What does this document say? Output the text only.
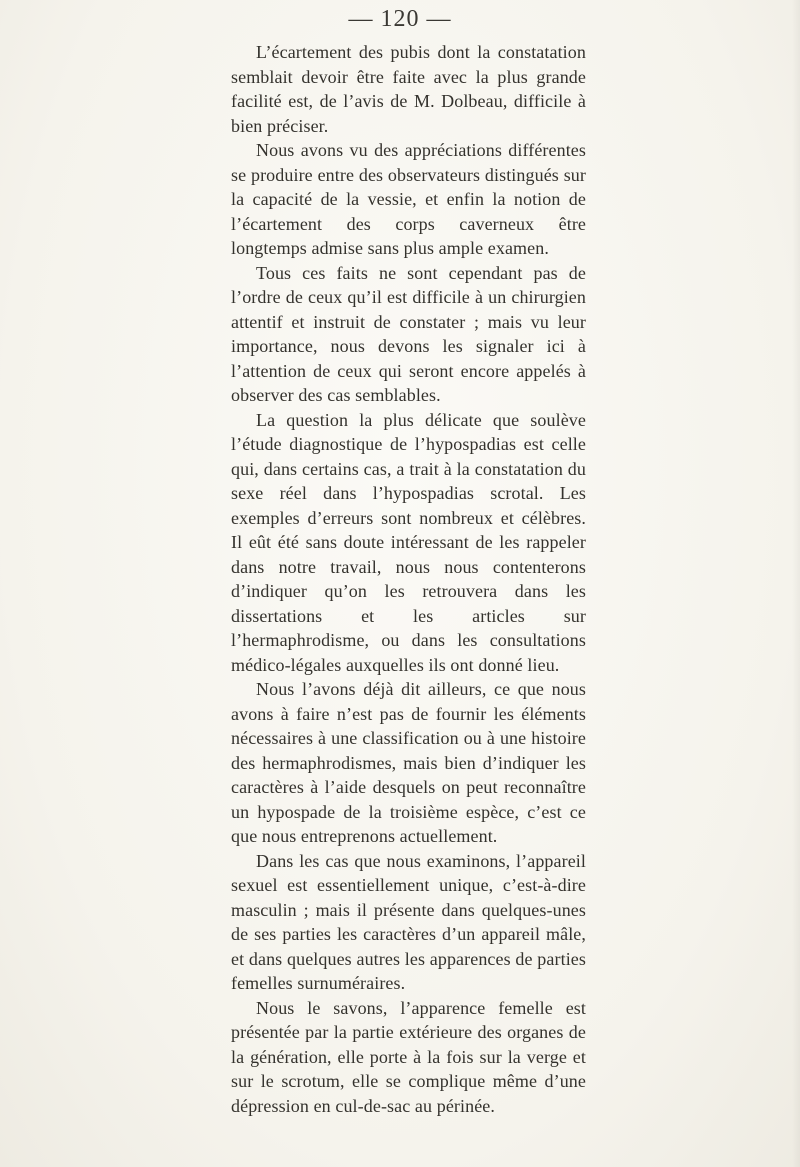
— 120 —

L’écartement des pubis dont la constatation semblait devoir être faite avec la plus grande facilité est, de l’avis de M. Dolbeau, difficile à bien préciser.

Nous avons vu des appréciations différentes se produire entre des observateurs distingués sur la capacité de la vessie, et enfin la notion de l’écartement des corps caverneux être longtemps admise sans plus ample examen.

Tous ces faits ne sont cependant pas de l’ordre de ceux qu’il est difficile à un chirurgien attentif et instruit de constater ; mais vu leur importance, nous devons les signaler ici à l’attention de ceux qui seront encore appelés à observer des cas semblables.

La question la plus délicate que soulève l’étude diagnostique de l’hypospadias est celle qui, dans certains cas, a trait à la constatation du sexe réel dans l’hypospadias scrotal. Les exemples d’erreurs sont nombreux et célèbres. Il eût été sans doute intéressant de les rappeler dans notre travail, nous nous contenterons d’indiquer qu’on les retrouvera dans les dissertations et les articles sur l’hermaphrodisme, ou dans les consultations médico-légales auxquelles ils ont donné lieu.

Nous l’avons déjà dit ailleurs, ce que nous avons à faire n’est pas de fournir les éléments nécessaires à une classification ou à une histoire des hermaphrodismes, mais bien d’indiquer les caractères à l’aide desquels on peut reconnaître un hypospade de la troisième espèce, c’est ce que nous entreprenons actuellement.

Dans les cas que nous examinons, l’appareil sexuel est essentiellement unique, c’est-à-dire masculin ; mais il présente dans quelques-unes de ses parties les caractères d’un appareil mâle, et dans quelques autres les apparences de parties femelles surnuméraires.

Nous le savons, l’apparence femelle est présentée par la partie extérieure des organes de la génération, elle porte à la fois sur la verge et sur le scrotum, elle se complique même d’une dépression en cul-de-sac au périnée.
